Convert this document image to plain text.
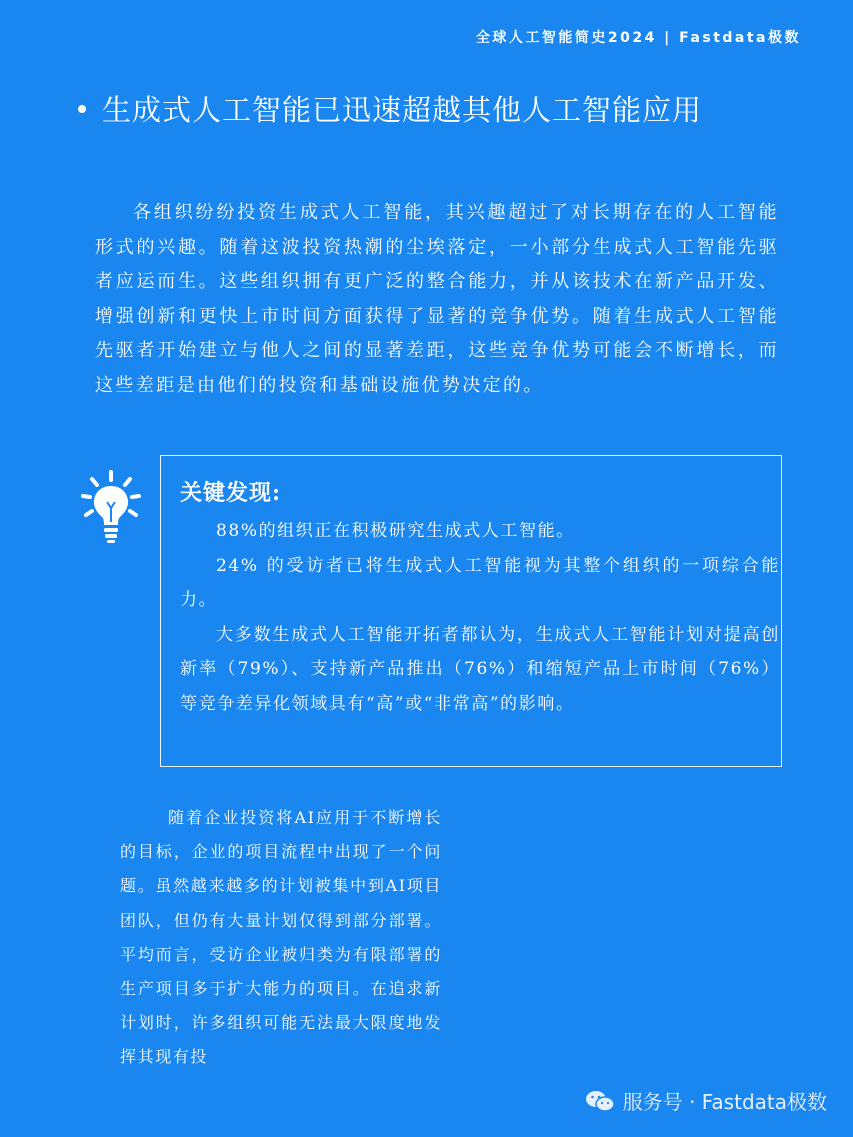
全球人工智能简史2024 | Fastdata极数
生成式人工智能已迅速超越其他人工智能应用

各组织纷纷投资生成式人工智能，其兴趣超过了对长期存在的人工智能形式的兴趣。随着这波投资热潮的尘埃落定，一小部分生成式人工智能先驱者应运而生。这些组织拥有更广泛的整合能力，并从该技术在新产品开发、增强创新和更快上市时间方面获得了显著的竞争优势。随着生成式人工智能先驱者开始建立与他人之间的显著差距，这些竞争优势可能会不断增长，而这些差距是由他们的投资和基础设施优势决定的。

关键发现:

88%的组织正在积极研究生成式人工智能。

24% 的受访者已将生成式人工智能视为其整个组织的一项综合能力。

大多数生成式人工智能开拓者都认为，生成式人工智能计划对提高创新率（79%）、支持新产品推出（76%）和缩短产品上市时间（76%）等竞争差异化领域具有“高”或“非常高”的影响。

随着企业投资将AI应用于不断增长的目标，企业的项目流程中出现了一个问题。虽然越来越多的计划被集中到AI项目团队，但仍有大量计划仅得到部分部署。平均而言，受访企业被归类为有限部署的生产项目多于扩大能力的项目。在追求新计划时，许多组织可能无法最大限度地发挥其现有投

服务号 · Fastdata极数
